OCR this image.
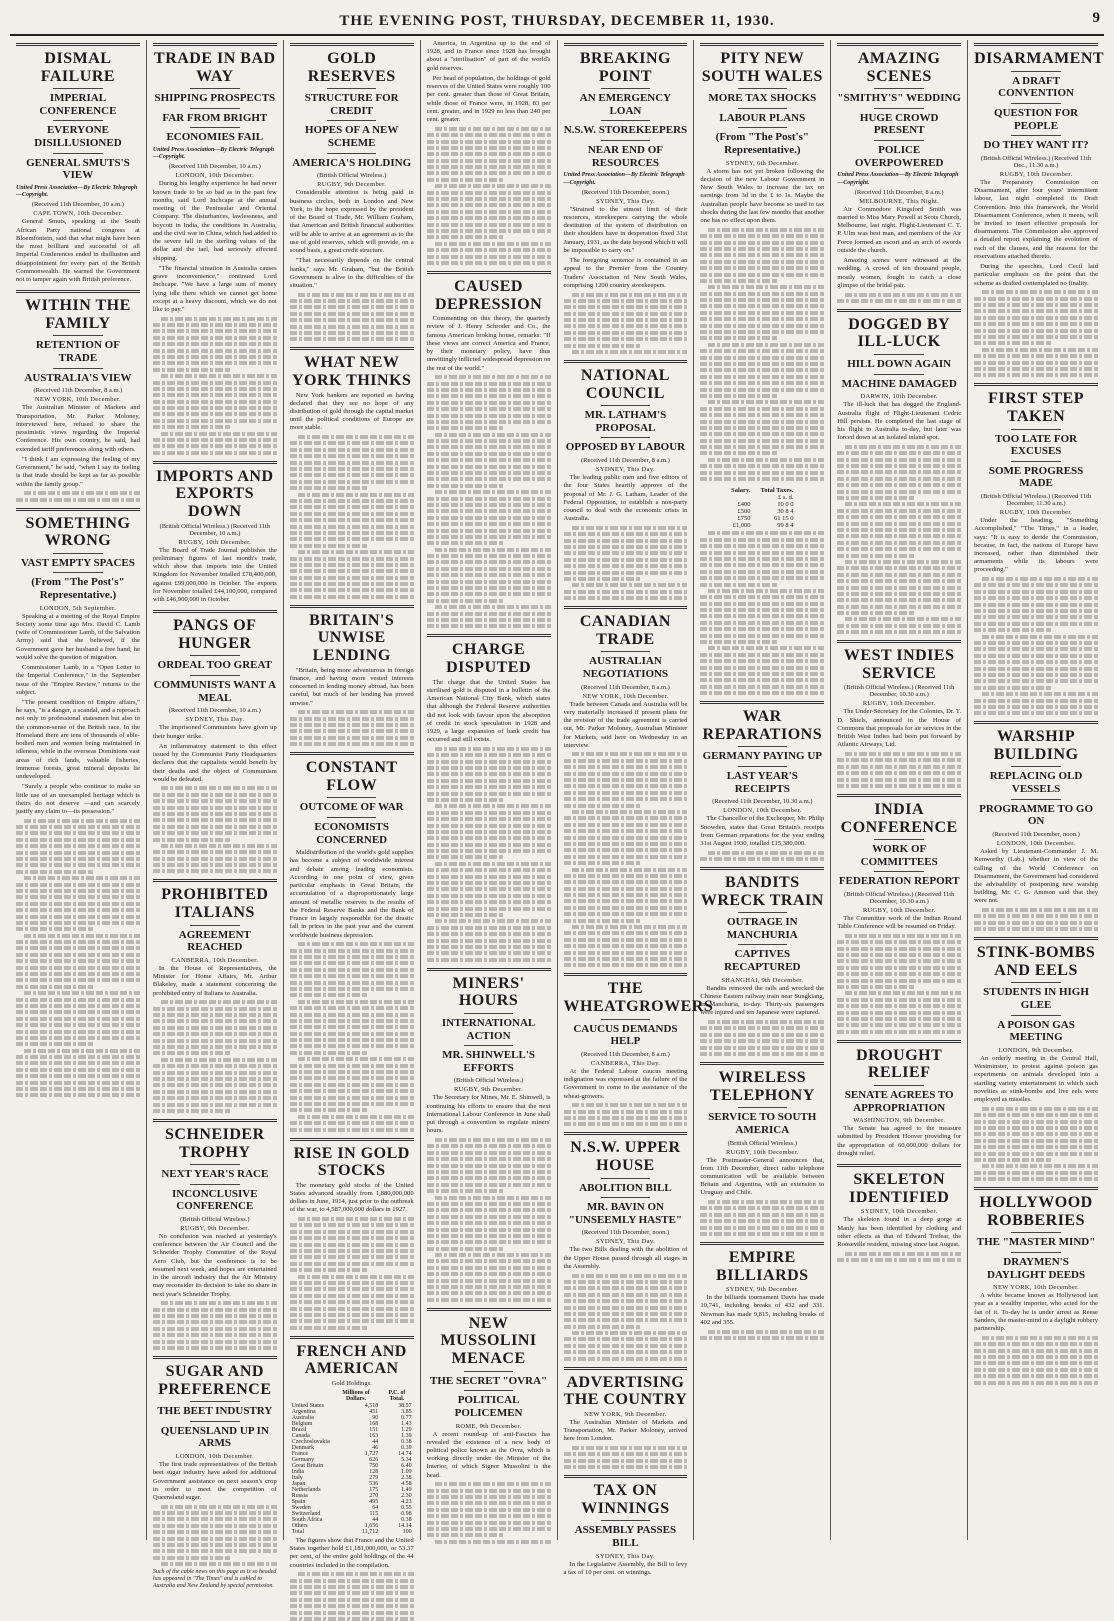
THE EVENING POST, THURSDAY, DECEMBER 11, 1930.	9
DISMAL FAILURE
IMPERIAL CONFERENCE
EVERYONE DISILLUSIONED
GENERAL SMUTS'S VIEW
United Press Association—By Electric Telegraph—Copyright.
(Received 11th December, 10 a.m.)
CAPE TOWN, 10th December.

General Smuts, speaking at the South African Party national congress at Bloemfontein, said that what might have been the most brilliant and successful of all Imperial Conferences ended in disillusion and disappointment for every part of the British Commonwealth. He warned the Government not to tamper again with British preference.

WITHIN THE FAMILY
RETENTION OF TRADE
AUSTRALIA'S VIEW
(Received 11th December, 8 a.m.)
NEW YORK, 10th December.

The Australian Minister of Markets and Transportation, Mr. Parker Moloney, interviewed here, refused to share the pessimistic views regarding the Imperial Conference. His own country, he said, had extended tariff preferences along with others.

"I think I am expressing the feeling of my Government," he said, "when I say its feeling is that trade should be kept as far as possible within the family group."

SOMETHING WRONG
VAST EMPTY SPACES
(From "The Post's" Representative.)
LONDON, 5th September.

Speaking at a meeting of the Royal Empire Society some time ago Mrs. David C. Lamb (wife of Commissioner Lamb, of the Salvation Army) said that she believed, if the Government gave her husband a free hand, he would solve the question of migration.

Commissioner Lamb, in a "Open Letter to the Imperial Conference," in the September issue of the "Empire Review," returns to the subject.

"The present condition of Empire affairs," he says, "is a danger, a scandal, and a reproach not only to professional statesmen but also to the common-sense of the British race. In the Homeland there are tens of thousands of able-bodied men and women being maintained in idleness, while in the overseas Dominions vast areas of rich lands, valuable fisheries, immense forests, great mineral deposits lie undeveloped.

"Surely a people who continue to make so little use of an unexampled heritage which is theirs do not deserve —and can scarcely justify any claim to—its possession."

TRADE IN BAD WAY
SHIPPING PROSPECTS
FAR FROM BRIGHT
ECONOMIES FAIL
United Press Association—By Electric Telegraph—Copyright.
(Received 11th December, 10 a.m.)
LONDON, 10th December.

During his lengthy experience he had never known trade to be so bad as in the past few months, said Lord Inchcape at the annual meeting of the Peninsular and Oriental Company. The disturbances, lawlessness, and boycott in India, the conditions in Australia, and the civil war in China, which had added to the severe fall in the sterling values of the dollar and the tael, had seriously affected shipping.

"The financial situation in Australia causes grave inconvenience," continued Lord Inchcape. "We have a large sum of money lying idle there which we cannot get home except at a heavy discount, which we do not like to pay."

IMPORTS AND EXPORTS DOWN
(British Official Wireless.) (Received 11th December, 10 a.m.)
RUGBY, 10th December.

The Board of Trade Journal publishes the preliminary figures of last month's trade, which show that imports into the United Kingdom for November totalled £78,400,000, against £99,000,000 in October. The exports for November totalled £44,100,000, compared with £46,900,000 in October.

PANGS OF HUNGER
ORDEAL TOO GREAT
COMMUNISTS WANT A MEAL
(Received 11th December, 10 a.m.)
SYDNEY, This Day.

The imprisoned Communists have given up their hunger strike.

An inflammatory statement to this effect issued by the Communist Party Headquarters declares that the capitalists would benefit by their deaths and the object of Communism would be defeated.

PROHIBITED ITALIANS
AGREEMENT REACHED
CANBERRA, 10th December.

In the House of Representatives, the Minister for Home Affairs, Mr. Arthur Blakeley, made a statement concerning the prohibited entry of Italians to Australia.

SCHNEIDER TROPHY
NEXT YEAR'S RACE
INCONCLUSIVE CONFERENCE
(British Official Wireless.)
RUGBY, 9th December.

No conclusion was reached at yesterday's conference between the Air Council and the Schneider Trophy Committee of the Royal Aero Club, but the conference is to be resumed next week, and hopes are entertained in the aircraft industry that the Air Ministry may reconsider its decision to take no share in next year's Schneider Trophy.

SUGAR AND PREFERENCE
THE BEET INDUSTRY
QUEENSLAND UP IN ARMS
LONDON, 10th December.

The first trade representatives of the British beet sugar industry have asked for additional Government assistance on next season's crop in order to meet the competition of Queensland sugar.

Such of the cable news on this page as is so headed has appeared in "The Times" and is cabled to Australia and New Zealand by special permission.
GOLD RESERVES
STRUCTURE FOR CREDIT
HOPES OF A NEW SCHEME
AMERICA'S HOLDING
(British Official Wireless.)
RUGBY, 9th December.

Considerable attention is being paid in business circles, both in London and New York, to the hope expressed by the president of the Board of Trade, Mr. William Graham, that American and British financial authorities will be able to arrive at an agreement as to the use of gold reserves, which will provide, on a sound basis, a great credit structure.

"That necessarily depends on the central banks," says Mr. Graham, "but the British Government is alive to the difficulties of the situation."

WHAT NEW YORK THINKS

New York bankers are reported as having declared that they see no hope of any distribution of gold through the capital market until the political conditions of Europe are more stable.

BRITAIN'S UNWISE LENDING

"Britain, being more adventurous in foreign finance, and having more vested interests concerned in lending money abroad, has been careful, but much of her lending has proved unwise."

CONSTANT FLOW
OUTCOME OF WAR
ECONOMISTS CONCERNED

Maldistribution of the world's gold supplies has become a subject of worldwide interest and debate among leading economists. According to one point of view, given particular emphasis in Great Britain, the accumulation of a disproportionately large amount of metallic reserves is the results of the Federal Reserve Banks and the Bank of France in largely responsible for the drastic fall in prices in the past year and the current worldwide business depression.

RISE IN GOLD STOCKS

The monetary gold stocks of the United States advanced steadily from 1,880,000,000 dollars in June, 1914, just prior to the outbreak of the war, to 4,587,000,000 dollars in 1927.

FRENCH AND AMERICAN
Gold Holdings.
	Millions of Dollars.	P.C. of Total.
United States	4,518	38.57
Argentina	451	3.85
Australia	90	0.77
Belgium	168	1.43
Brazil	151	1.29
Canada	163	1.39
Czechoslovakia	44	0.38
Denmark	46	0.39
France	1,727	14.74
Germany	626	5.34
Great Britain	750	6.40
India	128	1.09
Italy	279	2.38
Japan	536	4.58
Netherlands	175	1.49
Russia	270	2.30
Spain	495	4.23
Sweden	64	0.55
Switzerland	115	0.98
South Africa	44	0.38
Others	1,656	14.14
Total	11,712	100

The figures show that France and the United States together hold £1,181,000,000, or 53.37 per cent, of the entire gold holdings of the 44 countries included in the compilation.

America, in Argentina up to the end of 1928, and in France since 1928 has brought about a "sterilisation" of part of the world's gold reserves.

Per head of population, the holdings of gold reserves of the United States were roughly 100 per cent. greater than those of Great Britain, while those of France were, in 1928, 83 per cent. greater, and in 1929 no less than 240 per cent. greater.

CAUSED DEPRESSION

Commenting on this theory, the quarterly review of J. Henry Schroder and Co., the famous American broking house, remarks: "If these views are correct America and France, by their monetary policy, have thus unwittingly inflicted widespread depression on the rest of the world."

CHARGE DISPUTED

The charge that the United States has sterilised gold is disputed in a bulletin of the American National City Bank, which states that although the Federal Reserve authorities did not look with favour upon the absorption of credit in stock speculation in 1928 and 1929, a large expansion of bank credit has occurred and still exists.

MINERS' HOURS
INTERNATIONAL ACTION
MR. SHINWELL'S EFFORTS
(British Official Wireless.)
RUGBY, 9th December.

The Secretary for Mines, Mr. E. Shinwell, is continuing his efforts to ensure that the next International Labour Conference in June shall put through a convention to regulate miners' hours.

NEW MUSSOLINI MENACE
THE SECRET "OVRA"
POLITICAL POLICEMEN
ROME, 9th December.

A recent round-up of anti-Fascists has revealed the existence of a new body of political police known as the Ovra, which is working directly under the Minister of the Interior, of which Signor Mussolini is the head.

BREAKING POINT
AN EMERGENCY LOAN
N.S.W. STOREKEEPERS
NEAR END OF RESOURCES
United Press Association—By Electric Telegraph—Copyright.
(Received 11th December, noon.)
SYDNEY, This Day.

"Strained to the utmost limit of their resources, storekeepers carrying the whole destitution of the system of distribution on their shoulders have in desperation fixed 31st January, 1931, as the date beyond which it will be impossible to carry on."

The foregoing sentence is contained in an appeal to the Premier from the Country Traders' Association of New South Wales, comprising 1200 country storekeepers.

NATIONAL COUNCIL
MR. LATHAM'S PROPOSAL
OPPOSED BY LABOUR
(Received 11th December, 8 a.m.)
SYDNEY, This Day.

The leading public men and five editors of the four States heartily approve of the proposal of Mr. J. G. Latham, Leader of the Federal Opposition, to establish a non-party council to deal with the economic crisis in Australia.

CANADIAN TRADE
AUSTRALIAN NEGOTIATIONS
(Received 11th December, 8 a.m.)
NEW YORK, 10th December.

Trade between Canada and Australia will be very materially increased if present plans for the revision of the trade agreement is carried out, Mr. Parker Moloney, Australian Minister for Markets, said here on Wednesday in an interview.

THE WHEATGROWERS
CAUCUS DEMANDS HELP
(Received 11th December, 8 a.m.)
CANBERRA, This Day.

At the Federal Labour caucus meeting indignation was expressed at the failure of the Government to come to the assistance of the wheat-growers.

N.S.W. UPPER HOUSE
ABOLITION BILL
MR. BAVIN ON "UNSEEMLY HASTE"
(Received 11th December, noon.)
SYDNEY, This Day.

The two Bills dealing with the abolition of the Upper House passed through all stages in the Assembly.

ADVERTISING THE COUNTRY
NEW YORK, 9th December.

The Australian Minister of Markets and Transportation, Mr. Parker Moloney, arrived here from London.

TAX ON WINNINGS
ASSEMBLY PASSES BILL
SYDNEY, This Day.

In the Legislative Assembly, the Bill to levy a tax of 10 per cent. on winnings.

PITY NEW SOUTH WALES
MORE TAX SHOCKS
LABOUR PLANS
(From "The Post's" Representative.)
SYDNEY, 6th December.

A storm has not yet broken following the decision of the new Labour Government in New South Wales to increase the tax on earnings from 3d in the £ to 1s. Maybe the Australian people have become so used to tax shocks during the last few months that another one has no effect upon them.

Salary.	Total Taxes.
	£ s. d.
£400	10 0 0
£500	30 8 4
£750	61 15 0
£1,000	99 8 4
WAR REPARATIONS
GERMANY PAYING UP
LAST YEAR'S RECEIPTS
(Received 11th December, 10.30 a.m.)
LONDON, 10th December.

The Chancellor of the Exchequer, Mr. Philip Snowden, states that Great Britain's receipts from German reparations for the year ending 31st August 1930, totalled £15,380,000.

BANDITS WRECK TRAIN
OUTRAGE IN MANCHURIA
CAPTIVES RECAPTURED
SHANGHAI, 9th December.

Bandits removed the rails and wrecked the Chinese Eastern railway train near Sungkiang, in Manchuria, to-day. Thirty-six passengers were injured and ten Japanese were captured.

WIRELESS TELEPHONY
SERVICE TO SOUTH AMERICA
(British Official Wireless.)
RUGBY, 10th December.

The Postmaster-General announces that, from 11th December, direct radio telephone communication will be available between Britain and Argentina, with an extension to Uruguay and Chile.

EMPIRE BILLIARDS
SYDNEY, 9th December.

In the billiards tournament Davis has made 10,741, including breaks of 432 and 331. Newman has made 9,815, including breaks of 402 and 355.

AMAZING SCENES
"SMITHY'S" WEDDING
HUGE CROWD PRESENT
POLICE OVERPOWERED
United Press Association—By Electric Telegraph—Copyright.
(Received 11th December, 8 a.m.)
MELBOURNE, This Night.

Air Commodore Kingsford Smith was married to Miss Mary Powell at Scots Church, Melbourne, last night. Flight-Lieutenant C. T. P. Ulm was best man, and members of the Air Force formed an escort and an arch of swords outside the church.

Amazing scenes were witnessed at the wedding. A crowd of ten thousand people, mostly women, fought to catch a close glimpse of the bridal pair.

DOGGED BY ILL-LUCK
HILL DOWN AGAIN
MACHINE DAMAGED
DARWIN, 10th December.

The ill-luck that has dogged the England-Australia flight of Flight-Lieutenant Cedric Hill persists. He completed the last stage of his flight to Australia to-day, but later was forced down at an isolated inland spot.

WEST INDIES SERVICE
(British Official Wireless.) (Received 11th December, 10.30 a.m.)
RUGBY, 10th December.

The Under-Secretary for the Colonies, Dr. T. D. Shiels, announced in the House of Commons that proposals for air services in the British West Indies had been put forward by Atlantic Airways, Ltd.

INDIA CONFERENCE
WORK OF COMMITTEES
FEDERATION REPORT
(British Official Wireless.) (Received 11th December, 10.30 a.m.)
RUGBY, 10th December.

The Committee work of the Indian Round Table Conference will be resumed on Friday.

DROUGHT RELIEF
SENATE AGREES TO APPROPRIATION
WASHINGTON, 9th December.

The Senate has agreed to the measure submitted by President Hoover providing for the appropriation of 60,000,000 dollars for drought relief.

SKELETON IDENTIFIED
SYDNEY, 10th December.

The skeleton found in a deep gorge at Manly has been identified by clothing and other effects as that of Edward Trefear, the Rooseville resident, missing since last August.

DISARMAMENT
A DRAFT CONVENTION
QUESTION FOR PEOPLE
DO THEY WANT IT?
(British Official Wireless.) (Received 11th Dec., 11.30 a.m.)
RUGBY, 10th December.

The Preparatory Commission on Disarmament, after four years' intermittent labour, last night completed its Draft Convention. Into this framework, the World Disarmament Conference, when it meets, will be invited to insert effective proposals for disarmament. The Commission also approved a detailed report explaining the evolution of each of the clauses, and the reasons for the reservations attached thereto.

During the speeches, Lord Cecil laid particular emphasis on the point that the scheme as drafted contemplated no finality.

FIRST STEP TAKEN
TOO LATE FOR EXCUSES
SOME PROGRESS MADE
(British Official Wireless.) (Received 11th December, 11.30 a.m.)
RUGBY, 10th December.

Under the heading, "Something Accomplished," "The Times," in a leader, says: "It is easy to deride the Commission, because, in fact, the nations of Europe have increased, rather than diminished their armaments while its labours were proceeding."

WARSHIP BUILDING
REPLACING OLD VESSELS
PROGRAMME TO GO ON
(Received 11th December, noon.)
LONDON, 10th December.

Asked by Lieutenant-Commander J. M. Kenworthy (Lab.) whether in view of the calling of the World Conference on Disarmament, the Government had considered the advisability of postponing new warship building, Mr. C. G. Ammon said that they were not.

STINK-BOMBS AND EELS
STUDENTS IN HIGH GLEE
A POISON GAS MEETING
LONDON, 9th December.

An orderly meeting in the Central Hall, Westminster, to protest against poison gas experiments on animals developed into a startling variety entertainment in which such novelties as stink-bombs and live eels were employed as missiles.

HOLLYWOOD ROBBERIES
THE "MASTER MIND"
DRAYMEN'S DAYLIGHT DEEDS
NEW YORK, 10th December.

A white became known as Hollywood last year as a wealthy importer, who acted for the fan of it. To-day he is under arrest as Reese Sanders, the master-mind in a daylight robbery partnership.
